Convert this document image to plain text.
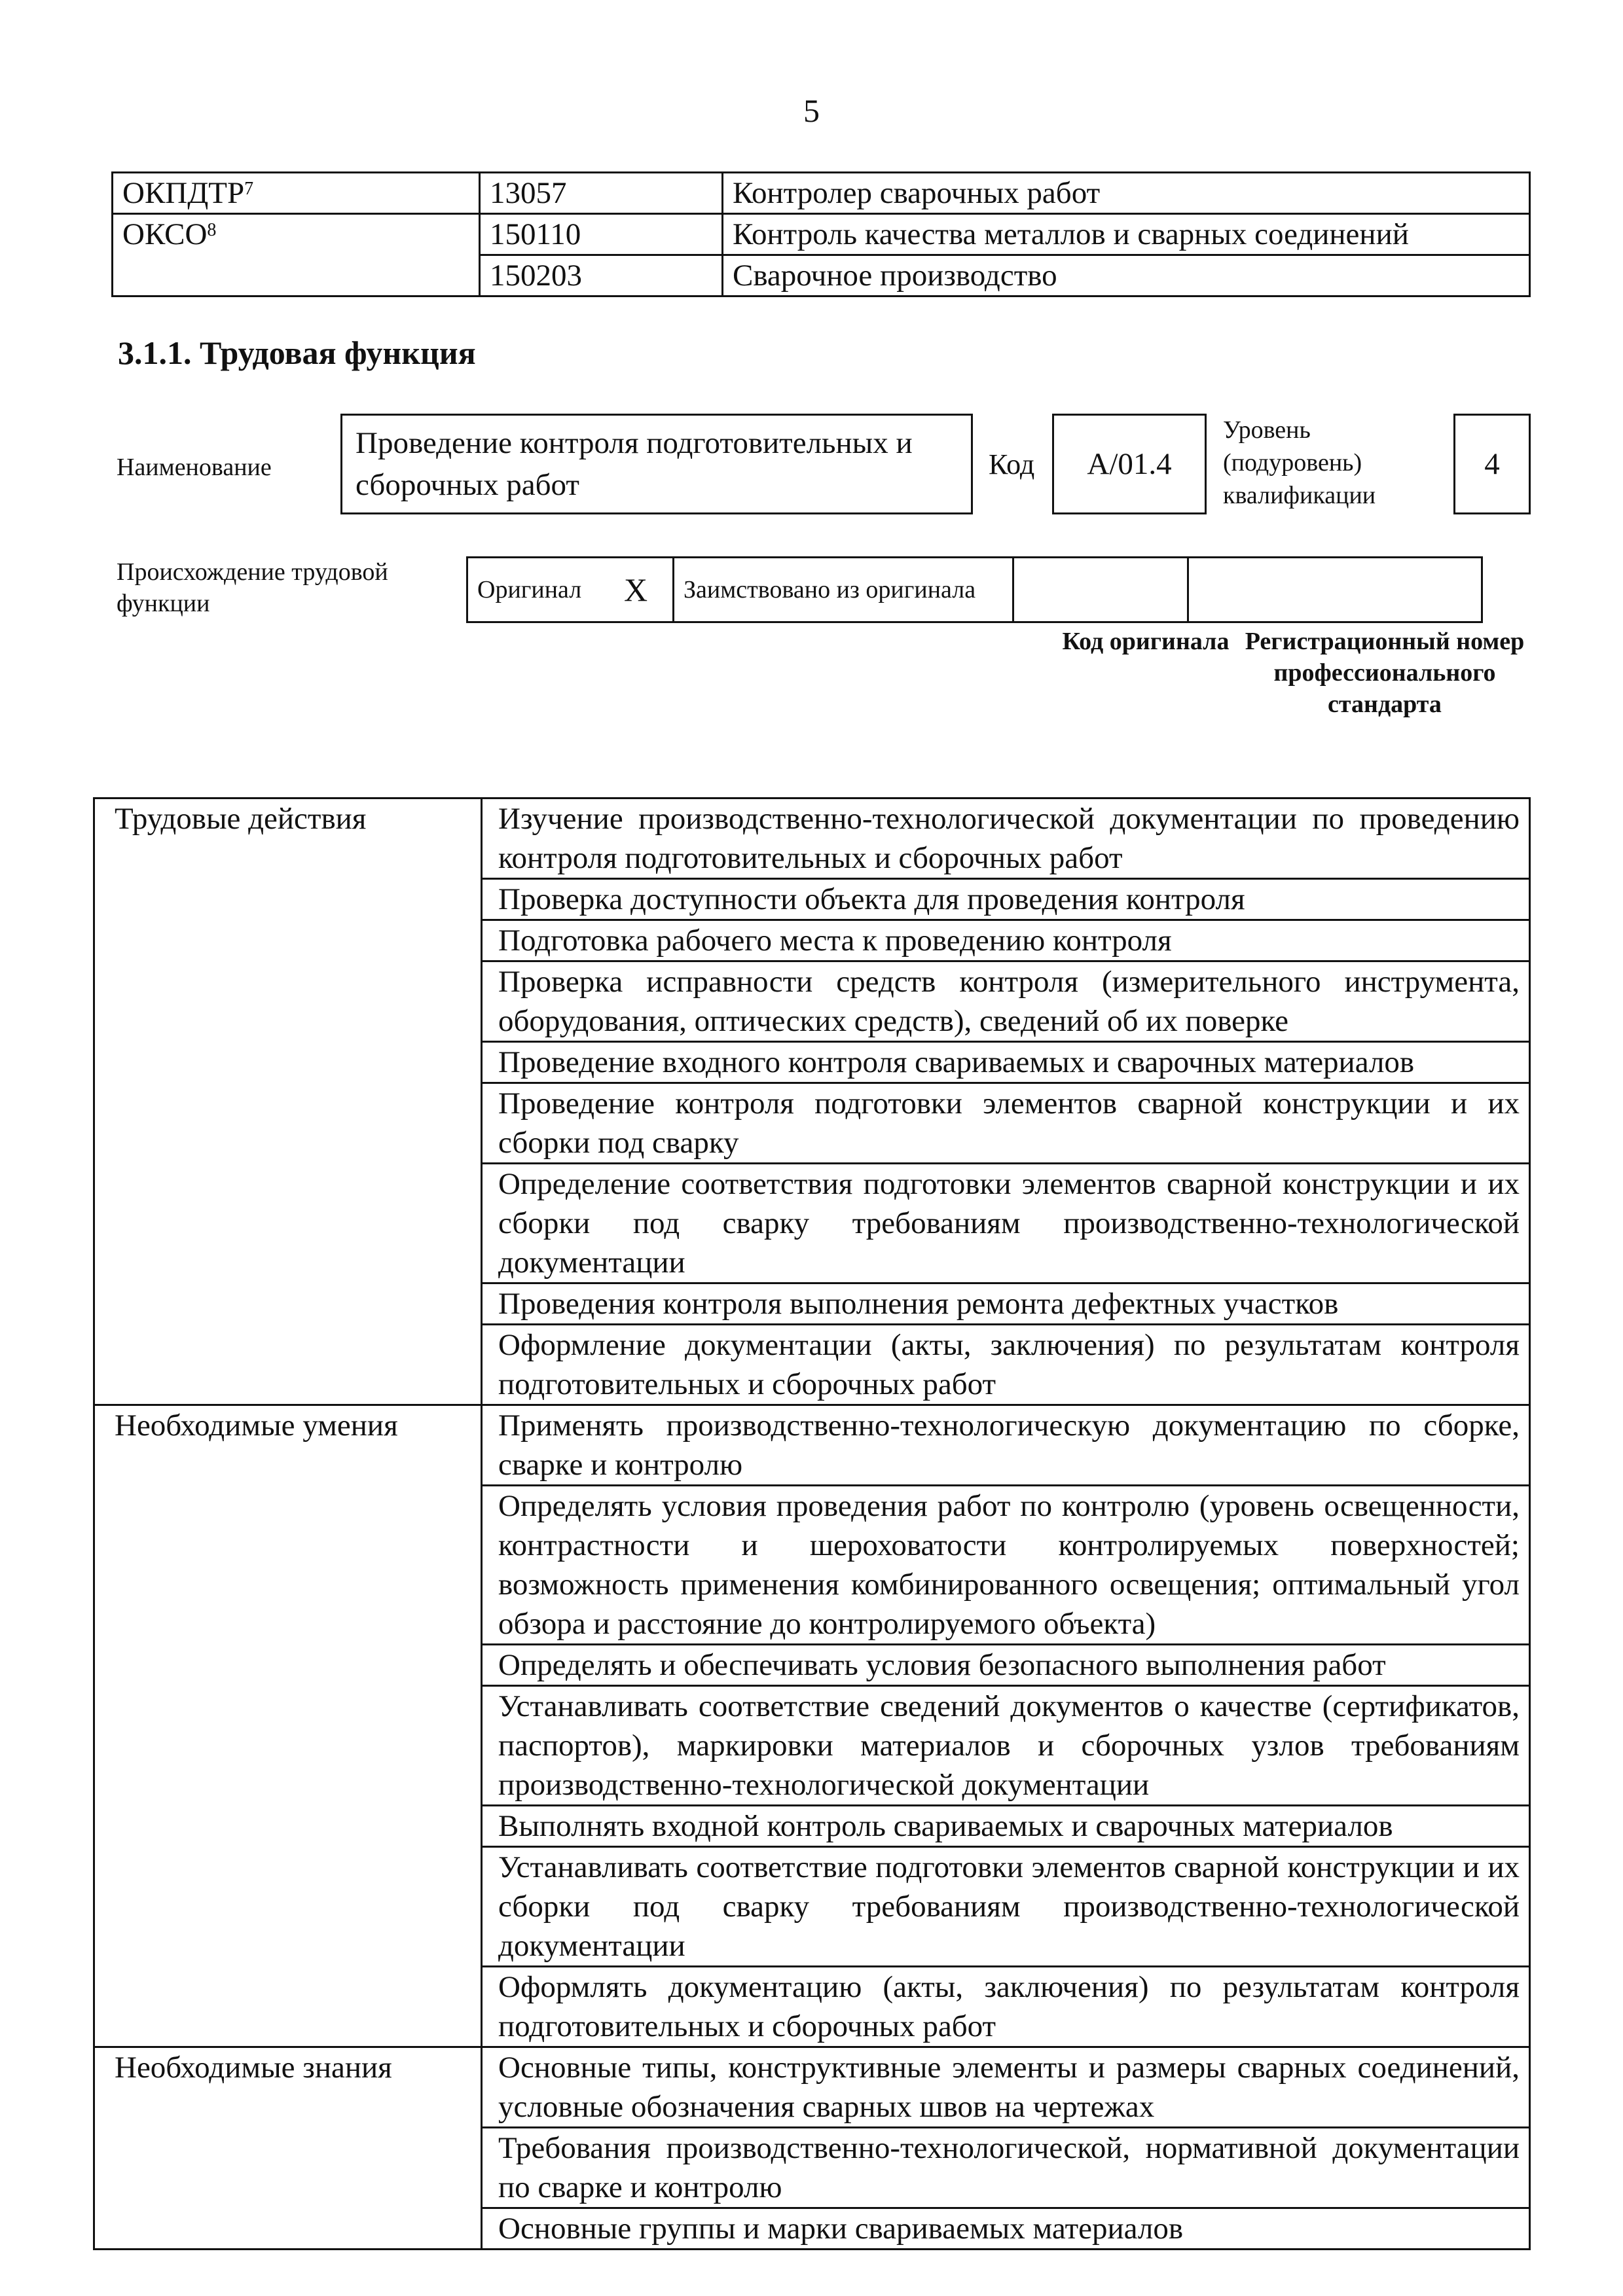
5
ОКПДТР$^7$	13057	Контролер сварочных работ
ОКСО$^8$	150110	Контроль качества металлов и сварных соединений
	150203	Сварочное производство
3.1.1. Трудовая функция
Наименование
Проведение контроля подготовительных и сборочных работ
Код	А/01.4
Уровень (подуровень) квалификации
4
Происхождение трудовой функции	Оригинал	X	Заимствовано из оригинала		
Код оригинала Регистрационный номер профессионального стандарта
Трудовые действия	Изучение производственно-технологической документации по проведению контроля подготовительных и сборочных работ
	Проверка доступности объекта для проведения контроля
	Подготовка рабочего места к проведению контроля
	Проверка исправности средств контроля (измерительного инструмента, оборудования, оптических средств), сведений об их поверке
	Проведение входного контроля свариваемых и сварочных материалов
	Проведение контроля подготовки элементов сварной конструкции и их сборки под сварку
	Определение соответствия подготовки элементов сварной конструкции и их сборки под сварку требованиям производственно-технологической документации
	Проведения контроля выполнения ремонта дефектных участков
	Оформление документации (акты, заключения) по результатам контроля подготовительных и сборочных работ
Необходимые умения	Применять производственно-технологическую документацию по сборке, сварке и контролю
	Определять условия проведения работ по контролю (уровень освещенности, контрастности и шероховатости контролируемых поверхностей; возможность применения комбинированного освещения; оптимальный угол обзора и расстояние до контролируемого объекта)
	Определять и обеспечивать условия безопасного выполнения работ
	Устанавливать соответствие сведений документов о качестве (сертификатов, паспортов), маркировки материалов и сборочных узлов требованиям производственно-технологической документации
	Выполнять входной контроль свариваемых и сварочных материалов
	Устанавливать соответствие подготовки элементов сварной конструкции и их сборки под сварку требованиям производственно-технологической документации
	Оформлять документацию (акты, заключения) по результатам контроля подготовительных и сборочных работ
Необходимые знания	Основные типы, конструктивные элементы и размеры сварных соединений, условные обозначения сварных швов на чертежах
	Требования производственно-технологической, нормативной документации по сварке и контролю
	Основные группы и марки свариваемых материалов
